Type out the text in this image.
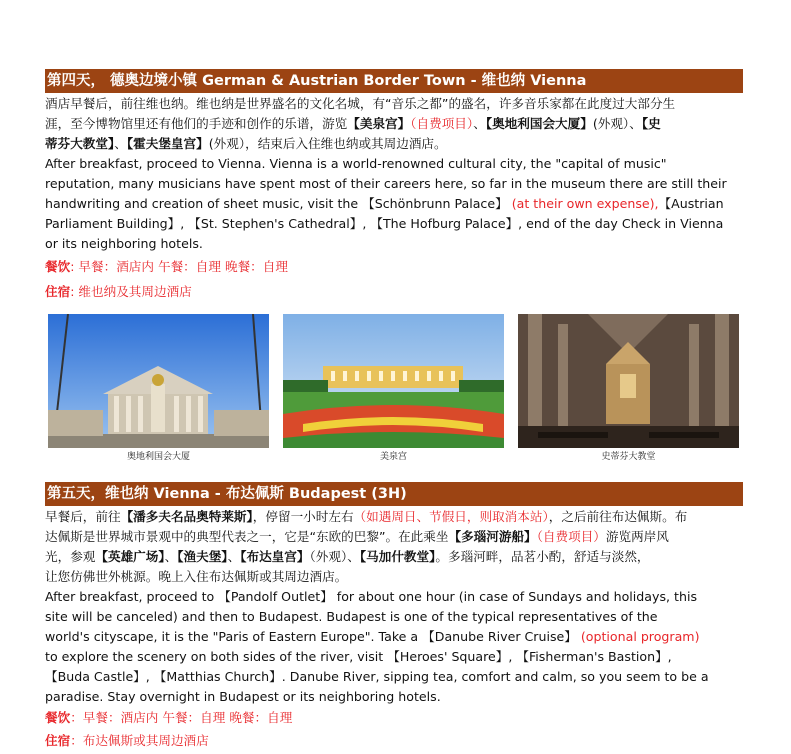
第四天， 德奥边境小镇 German & Austrian Border Town - 维也纳 Vienna
酒店早餐后，前往维也纳。维也纳是世界盛名的文化名城，有“音乐之都”的盛名，许多音乐家都在此度过大部分生
涯，至今博物馆里还有他们的手迹和创作的乐谱，游览【美泉宫】（自费项目）、【奥地利国会大厦】(外观）、【史
蒂芬大教堂】、【霍夫堡皇宫】(外观），结束后入住维也纳或其周边酒店。
After breakfast, proceed to Vienna. Vienna is a world-renowned cultural city, the "capital of music"
reputation, many musicians have spent most of their careers here, so far in the museum there are still their
handwriting and creation of sheet music, visit the 【Schönbrunn Palace】 (at their own expense),【Austrian
Parliament Building】, 【St. Stephen's Cathedral】, 【The Hofburg Palace】, end of the day Check in Vienna
or its neighboring hotels.
餐饮: 早餐：酒店内 午餐：自理 晚餐：自理
住宿: 维也纳及其周边酒店
奥地利国会大厦	美泉宫	史蒂芬大教堂
第五天，维也纳 Vienna - 布达佩斯 Budapest (3H)
早餐后，前往【潘多夫名品奥特莱斯】，停留一小时左右（如遇周日、节假日，则取消本站），之后前往布达佩斯。布
达佩斯是世界城市景观中的典型代表之一，它是“东欧的巴黎”。在此乘坐【多瑙河游船】（自费项目）游览两岸风
光，参观【英雄广场】、【渔夫堡】、【布达皇宫】（外观）、【马加什教堂】。多瑙河畔，品茗小酌，舒适与淡然，
让您仿佛世外桃源。晚上入住布达佩斯或其周边酒店。
After breakfast, proceed to 【Pandolf Outlet】 for about one hour (in case of Sundays and holidays, this
site will be canceled) and then to Budapest. Budapest is one of the typical representatives of the
world's cityscape, it is the "Paris of Eastern Europe". Take a 【Danube River Cruise】 (optional program)
to explore the scenery on both sides of the river, visit 【Heroes' Square】, 【Fisherman's Bastion】,
【Buda Castle】, 【Matthias Church】. Danube River, sipping tea, comfort and calm, so you seem to be a
paradise. Stay overnight in Budapest or its neighboring hotels.
餐饮：早餐：酒店内 午餐：自理 晚餐：自理
住宿：布达佩斯或其周边酒店
